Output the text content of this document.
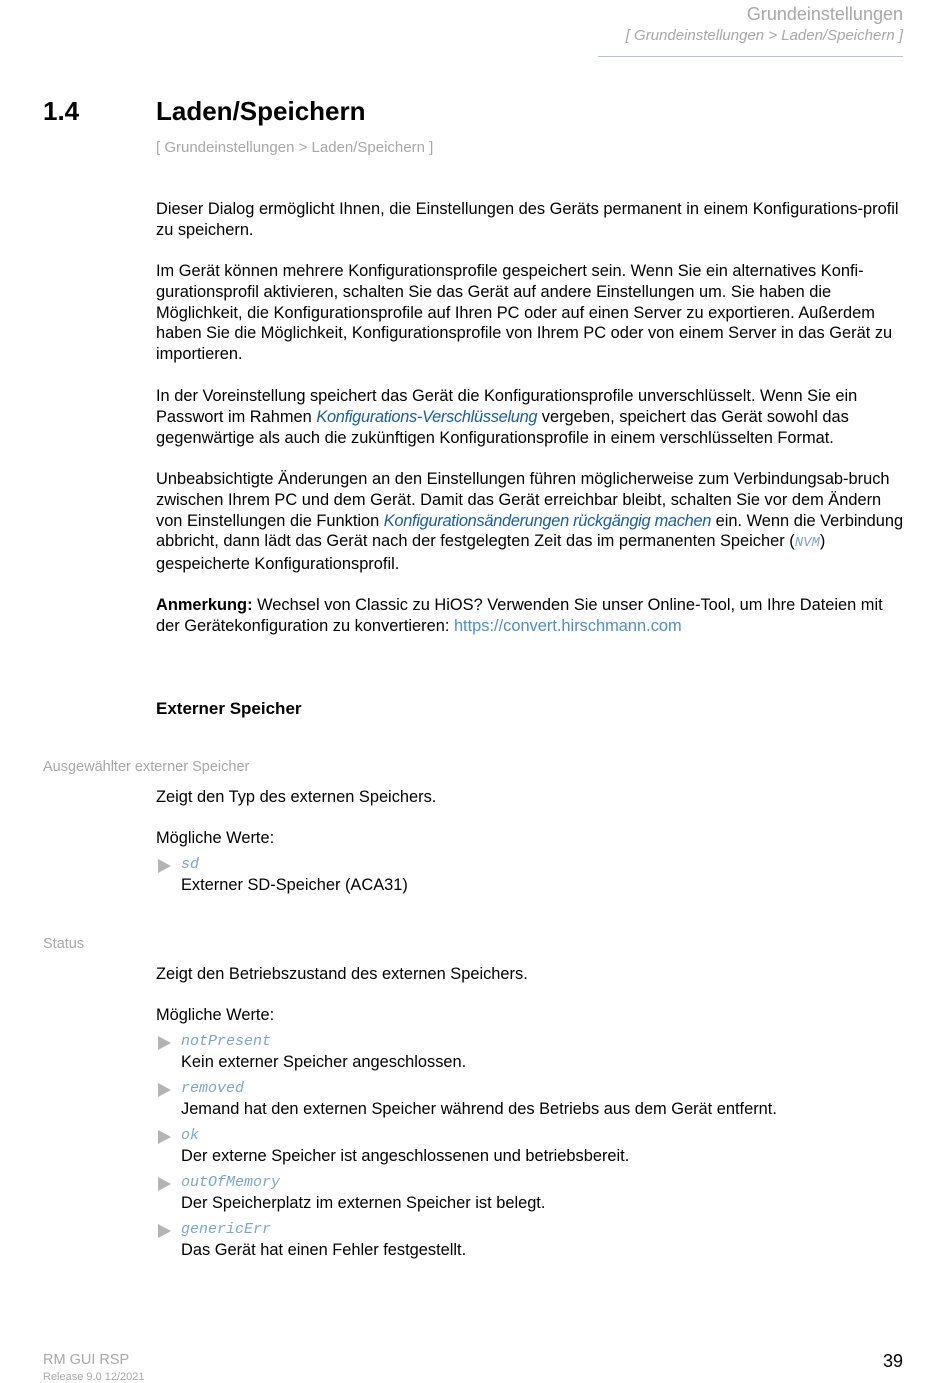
Grundeinstellungen
[ Grundeinstellungen > Laden/Speichern ]
1.4	Laden/Speichern
[ Grundeinstellungen > Laden/Speichern ]

Dieser Dialog ermöglicht Ihnen, die Einstellungen des Geräts permanent in einem Konfigurations-profil zu speichern.

Im Gerät können mehrere Konfigurationsprofile gespeichert sein. Wenn Sie ein alternatives Konfi-gurationsprofil aktivieren, schalten Sie das Gerät auf andere Einstellungen um. Sie haben die Möglichkeit, die Konfigurationsprofile auf Ihren PC oder auf einen Server zu exportieren. Außerdem haben Sie die Möglichkeit, Konfigurationsprofile von Ihrem PC oder von einem Server in das Gerät zu importieren.

In der Voreinstellung speichert das Gerät die Konfigurationsprofile unverschlüsselt. Wenn Sie ein Passwort im Rahmen Konfigurations-Verschlüsselung vergeben, speichert das Gerät sowohl das gegenwärtige als auch die zukünftigen Konfigurationsprofile in einem verschlüsselten Format.

Unbeabsichtigte Änderungen an den Einstellungen führen möglicherweise zum Verbindungsab-bruch zwischen Ihrem PC und dem Gerät. Damit das Gerät erreichbar bleibt, schalten Sie vor dem Ändern von Einstellungen die Funktion Konfigurationsänderungen rückgängig machen ein. Wenn die Verbindung abbricht, dann lädt das Gerät nach der festgelegten Zeit das im permanenten Speicher (NVM) gespeicherte Konfigurationsprofil.

Anmerkung: Wechsel von Classic zu HiOS? Verwenden Sie unser Online-Tool, um Ihre Dateien mit der Gerätekonfiguration zu konvertieren: https://convert.hirschmann.com

Externer Speicher
Ausgewählter externer Speicher
Zeigt den Typ des externen Speichers.
Mögliche Werte:
sd
Externer SD-Speicher (ACA31)
Status
Zeigt den Betriebszustand des externen Speichers.
Mögliche Werte:
notPresent
Kein externer Speicher angeschlossen.
removed
Jemand hat den externen Speicher während des Betriebs aus dem Gerät entfernt.
ok
Der externe Speicher ist angeschlossenen und betriebsbereit.
outOfMemory
Der Speicherplatz im externen Speicher ist belegt.
genericErr
Das Gerät hat einen Fehler festgestellt.
RM GUI RSP
Release 9.0 12/2021
39
